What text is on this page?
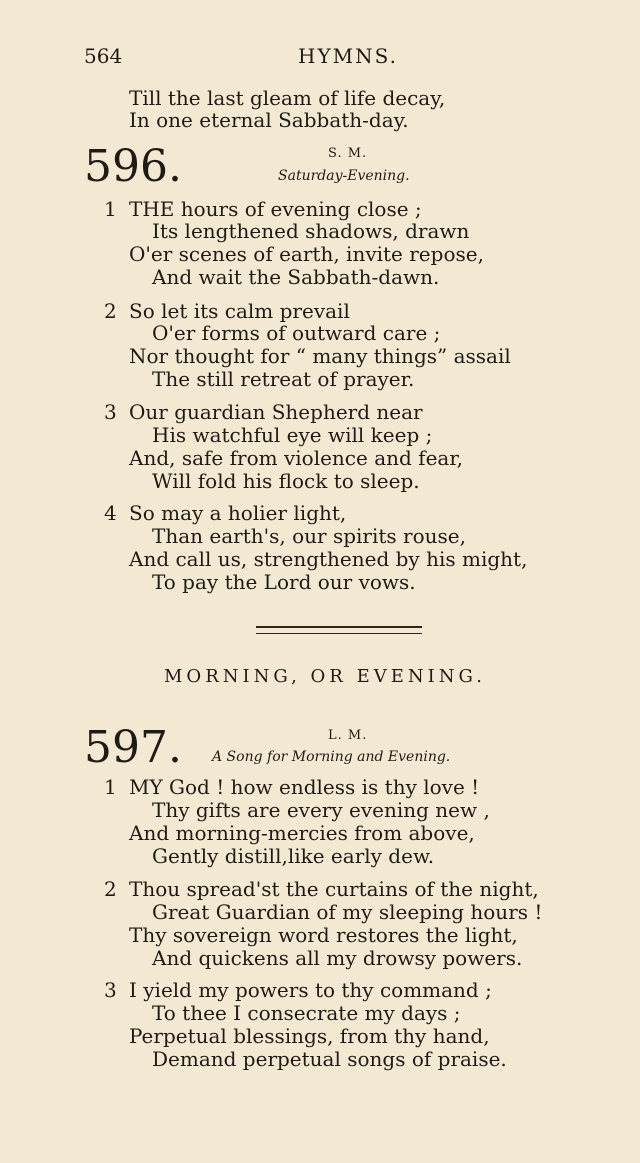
564	HYMNS.
Till the last gleam of life decay,
In one eternal Sabbath-day.
596.	S. M.
Saturday-Evening.
1 THE hours of evening close ;
Its lengthened shadows, drawn
O'er scenes of earth, invite repose,
And wait the Sabbath-dawn.
2 So let its calm prevail
O'er forms of outward care ;
Nor thought for “ many things” assail
The still retreat of prayer.
3 Our guardian Shepherd near
His watchful eye will keep ;
And, safe from violence and fear,
Will fold his flock to sleep.
4 So may a holier light,
Than earth's, our spirits rouse,
And call us, strengthened by his might,
To pay the Lord our vows.
MORNING, OR EVENING.
597.	L. M.
A Song for Morning and Evening.
1 MY God ! how endless is thy love !
Thy gifts are every evening new ,
And morning-mercies from above,
Gently distill,like early dew.
2 Thou spread'st the curtains of the night,
Great Guardian of my sleeping hours !
Thy sovereign word restores the light,
And quickens all my drowsy powers.
3 I yield my powers to thy command ;
To thee I consecrate my days ;
Perpetual blessings, from thy hand,
Demand perpetual songs of praise.
